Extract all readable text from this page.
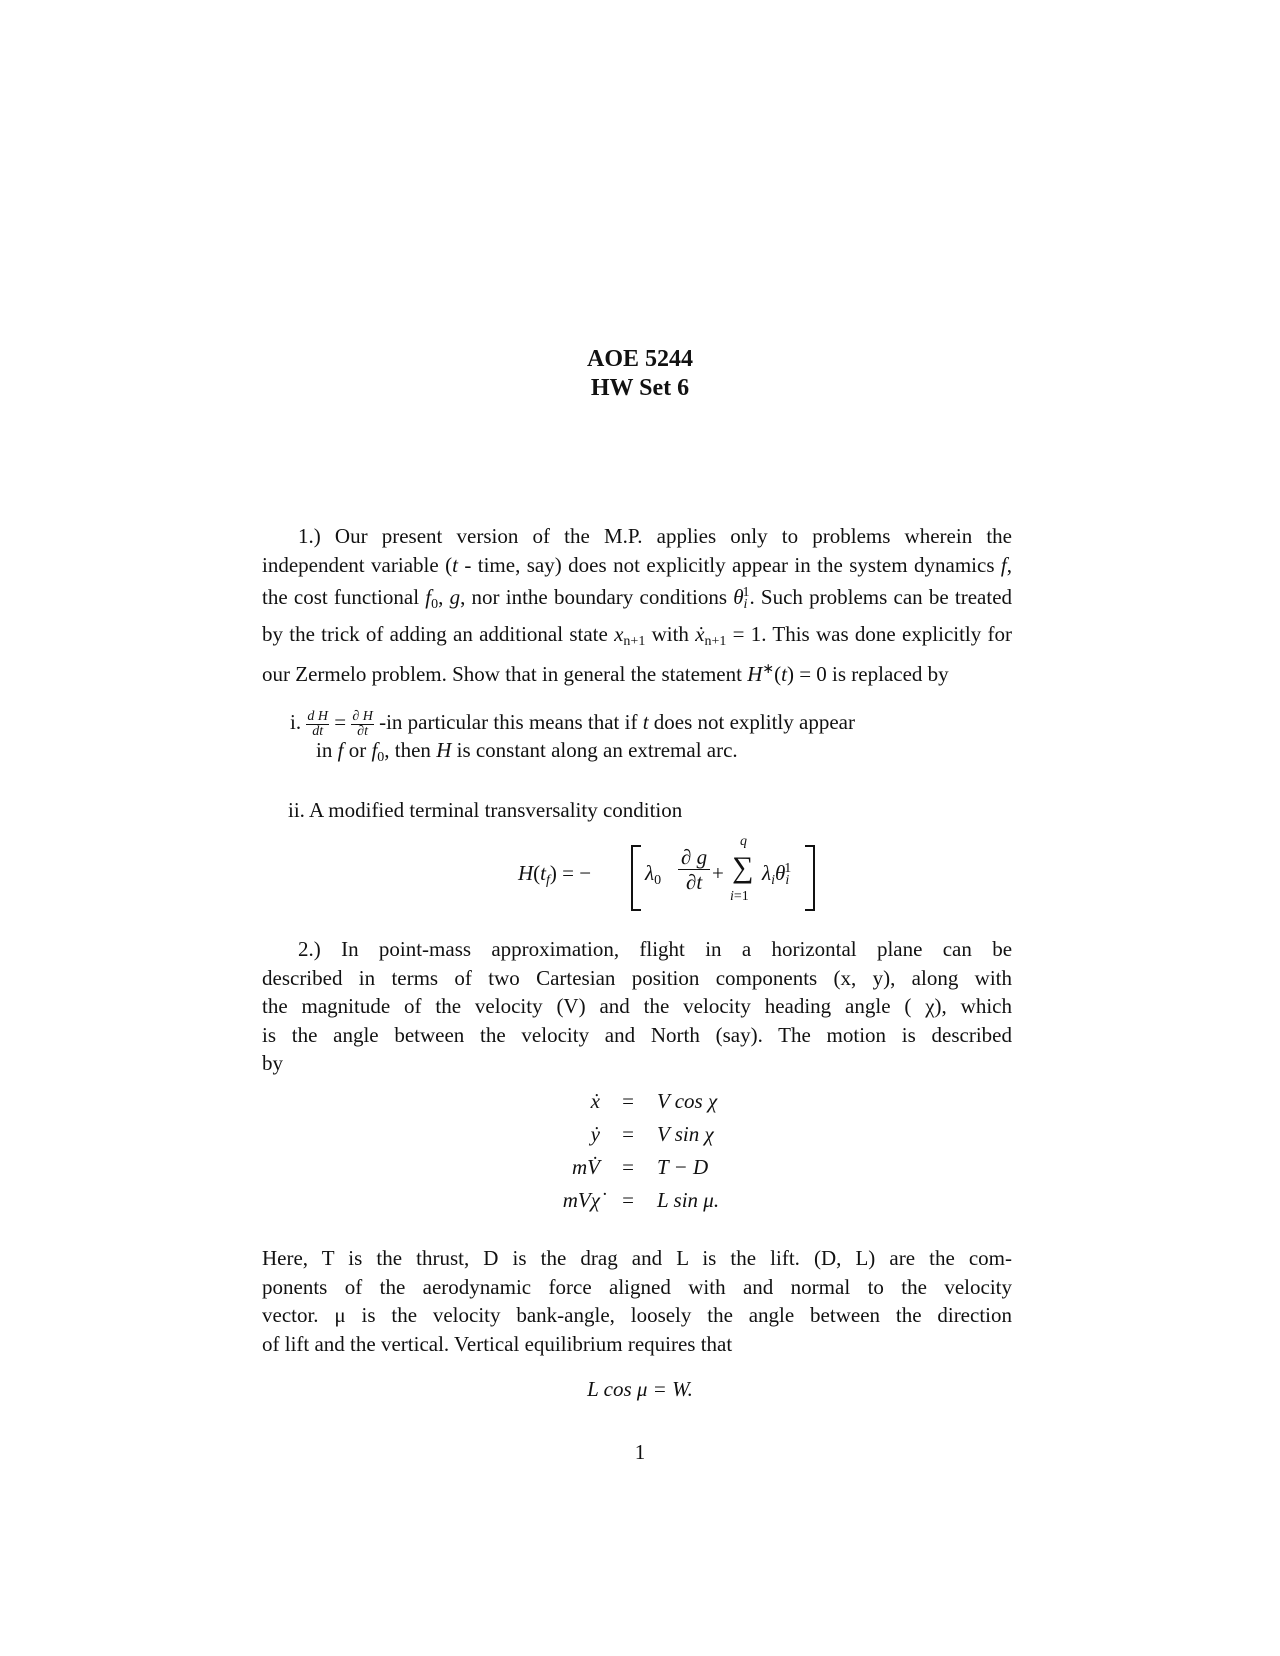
AOE 5244
HW Set 6
1.) Our present version of the M.P. applies only to problems wherein the independent variable (t - time, say) does not explicitly appear in the system dynamics f, the cost functional $f_0$, g, nor inthe boundary conditions $\theta i^1$. Such problems can be treated by the trick of adding an additional state $x_{n+1}$ with ẋ$_{n+1}$ = 1. This was done explicitly for our Zermelo problem. Show that in general the statement H∗(t) = 0 is replaced by
i. $\frac{\text{d H}}{dt} = \frac{\partial H}{\partial t} -in$ particular this means that if t does not explitly appear
in f or $f_0$, then H is constant along an extremal arc.
ii. A modified terminal transversality condition
H(tf) = −	$\lambda_0$
∂ g
∂t +
q
∑
i=1
λiθi$^1$
2.) In point-mass approximation, flight in a horizontal plane can be
described in terms of two Cartesian position components (x, y), along with
the magnitude of the velocity (V) and the velocity heading angle ( χ), which
is the angle between the velocity and North (say). The motion is described
by
ẋ = V cos χ
ẏ = V sin χ
mV̇ = T − D
mVχ̇ = L sin μ.
Here, T is the thrust, D is the drag and L is the lift. (D, L) are the com-
ponents of the aerodynamic force aligned with and normal to the velocity
vector. μ is the velocity bank-angle, loosely the angle between the direction
of lift and the vertical. Vertical equilibrium requires that
L cos μ = W.
1
